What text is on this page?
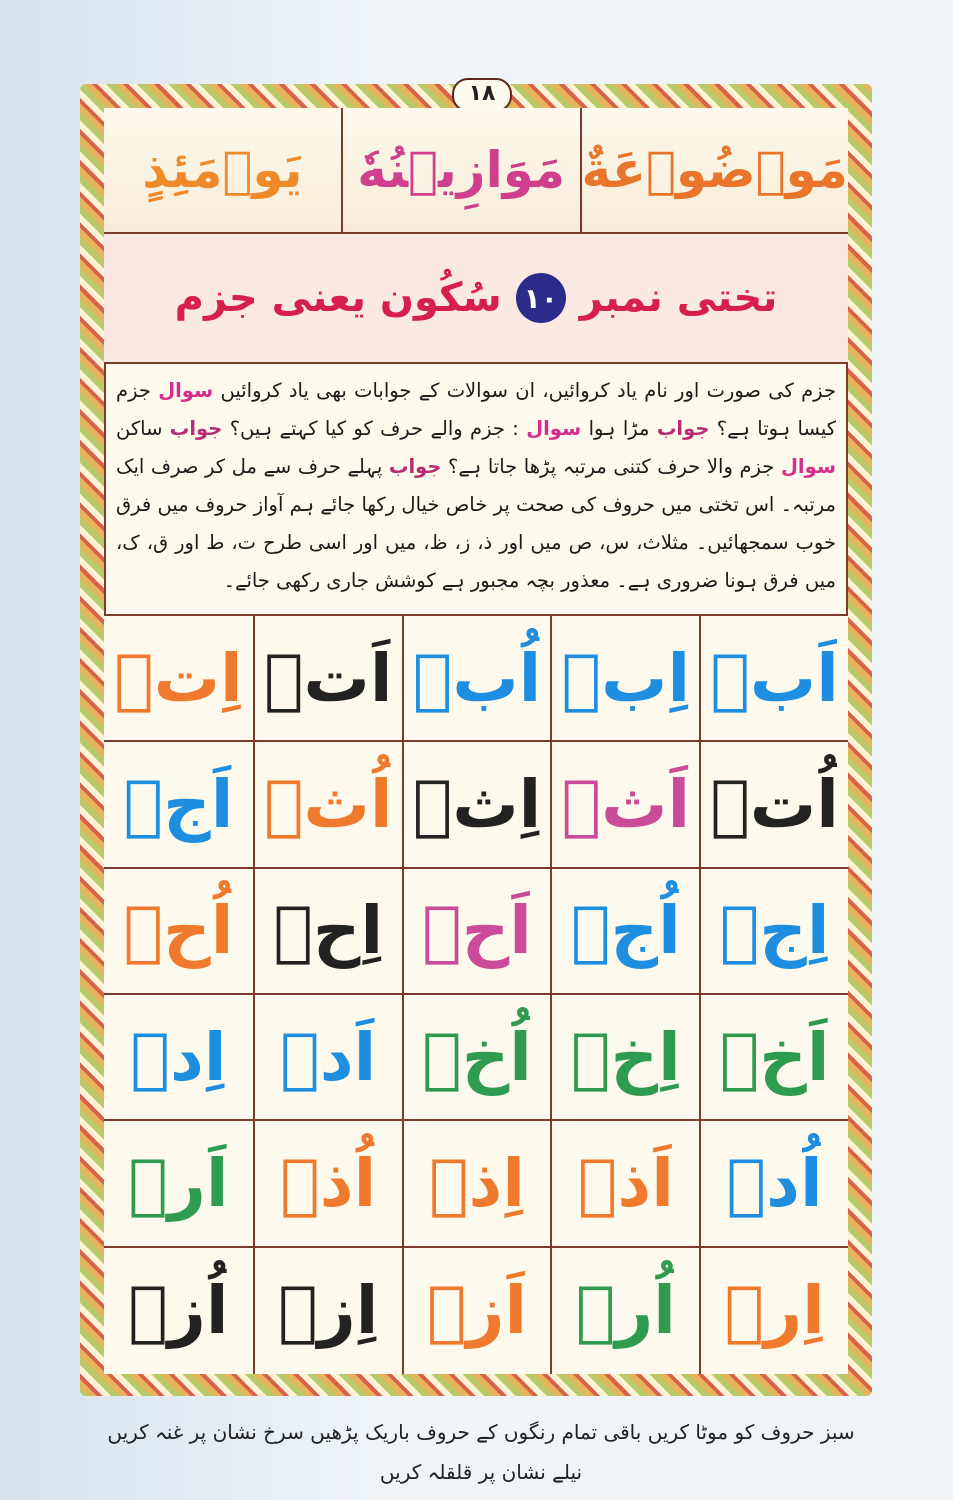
۱۸
مَوۡضُوۡعَةٌ
مَوَازِیۡنُهٗ
یَوۡمَئِذٍ
تختی نمبر
١٠
سُکُون یعنی جزم
جزم کی صورت اور نام یاد کروائیں، ان سوالات کے جوابات بھی یاد کروائیں سوال جزم کیسا ہوتا ہے؟ جواب مڑا ہوا سوال : جزم والے حرف کو کیا کہتے ہیں؟ جواب ساکن سوال جزم والا حرف کتنی مرتبہ پڑھا جاتا ہے؟ جواب پہلے حرف سے مل کر صرف ایک مرتبہ۔ اس تختی میں حروف کی صحت پر خاص خیال رکھا جائے ہم آواز حروف میں فرق خوب سمجھائیں۔ مثلاث، س، ص میں اور ذ، ز، ظ، میں اور اسی طرح ت، ط اور ق، ک، میں فرق ہونا ضروری ہے۔ معذور بچہ مجبور ہے کوشش جاری رکھی جائے۔
اَبۡ
اِبۡ
اُبۡ
اَتۡ
اِتۡ
اُتۡ
اَثۡ
اِثۡ
اُثۡ
اَجۡ
اِجۡ
اُجۡ
اَحۡ
اِحۡ
اُحۡ
اَخۡ
اِخۡ
اُخۡ
اَدۡ
اِدۡ
اُدۡ
اَذۡ
اِذۡ
اُذۡ
اَرۡ
اِرۡ
اُرۡ
اَزۡ
اِزۡ
اُزۡ
سبز حروف کو موٹا کریں باقی تمام رنگوں کے حروف باریک پڑھیں سرخ نشان پر غنہ کریں نیلے نشان پر قلقلہ کریں
